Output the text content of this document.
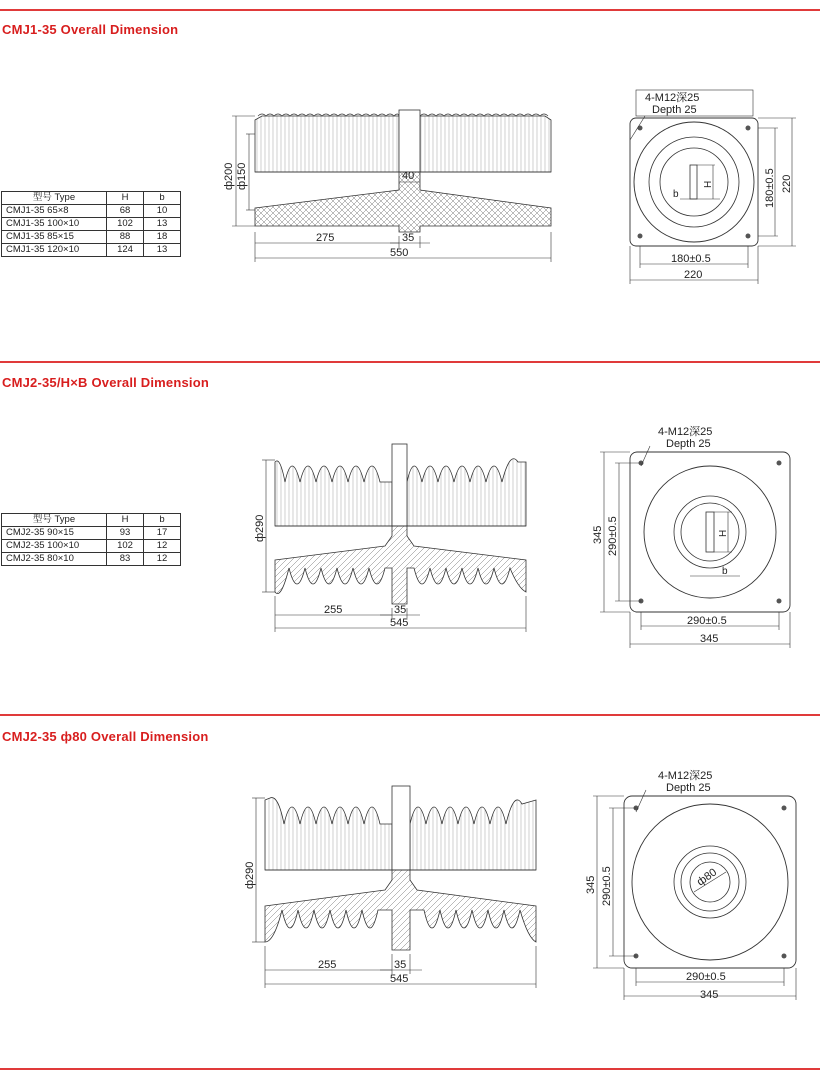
CMJ1-35 Overall Dimension
型号 Type	H	b
CMJ1-35 65×8	68	10
CMJ1-35 100×10	102	13
CMJ1-35 85×15	88	18
CMJ1-35 120×10	124	13
ф200 ф150	40
275	35
550
4-M12深25
Depth 25
180±0.5 220
180±0.5
220
H
b
CMJ2-35/H×B Overall Dimension
型号 Type	H	b
CMJ2-35 90×15	93	17
CMJ2-35 100×10	102	12
CMJ2-35 80×10	83	12
ф290
255	35
545
4-M12深25
Depth 25
345 290±0.5
290±0.5
345
H
b
CMJ2-35 ф80 Overall Dimension
ф290
255	35
545
4-M12深25
Depth 25
345 290±0.5
290±0.5
345
ф80
